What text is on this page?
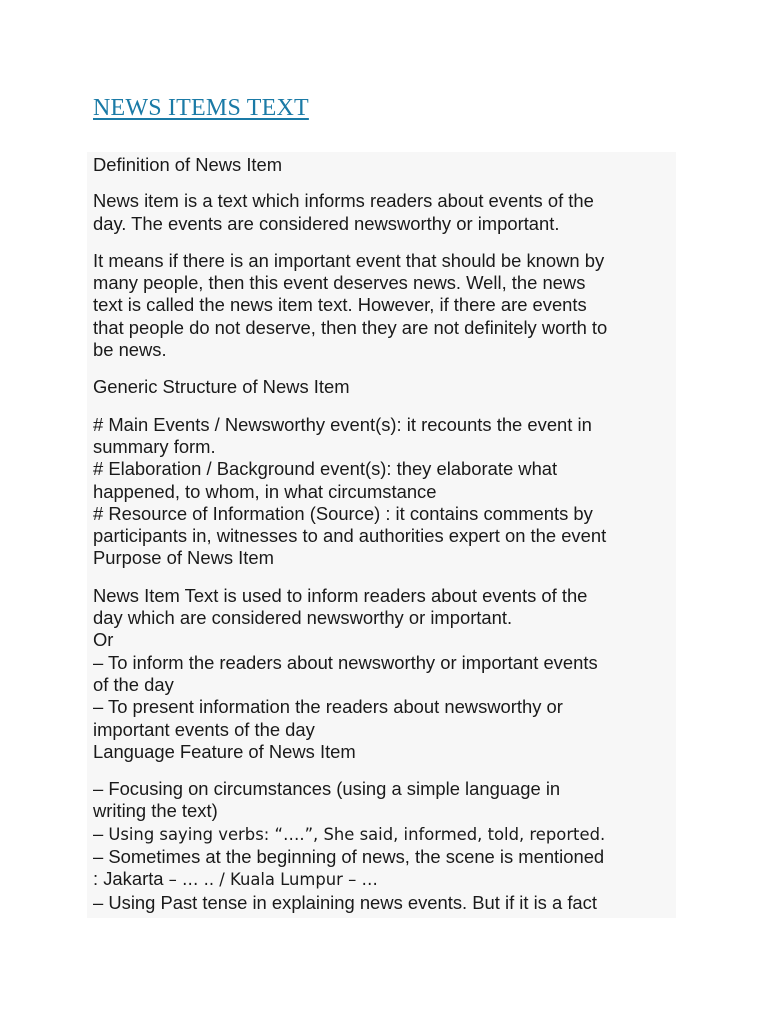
NEWS ITEMS TEXT

Definition of News Item

News item is a text which informs readers about events of the
day. The events are considered newsworthy or important.

It means if there is an important event that should be known by
many people, then this event deserves news. Well, the news
text is called the news item text. However, if there are events
that people do not deserve, then they are not definitely worth to
be news.

Generic Structure of News Item

# Main Events / Newsworthy event(s): it recounts the event in
summary form.
# Elaboration / Background event(s): they elaborate what
happened, to whom, in what circumstance
# Resource of Information (Source) : it contains comments by
participants in, witnesses to and authorities expert on the event
Purpose of News Item

News Item Text is used to inform readers about events of the
day which are considered newsworthy or important.
Or
– To inform the readers about newsworthy or important events
of the day
– To present information the readers about newsworthy or
important events of the day
Language Feature of News Item

– Focusing on circumstances (using a simple language in
writing the text)
– Using saying verbs: “….”, She said, informed, told, reported.
– Sometimes at the beginning of news, the scene is mentioned
: Jakarta – … .. / Kuala Lumpur – …
– Using Past tense in explaining news events. But if it is a fact
